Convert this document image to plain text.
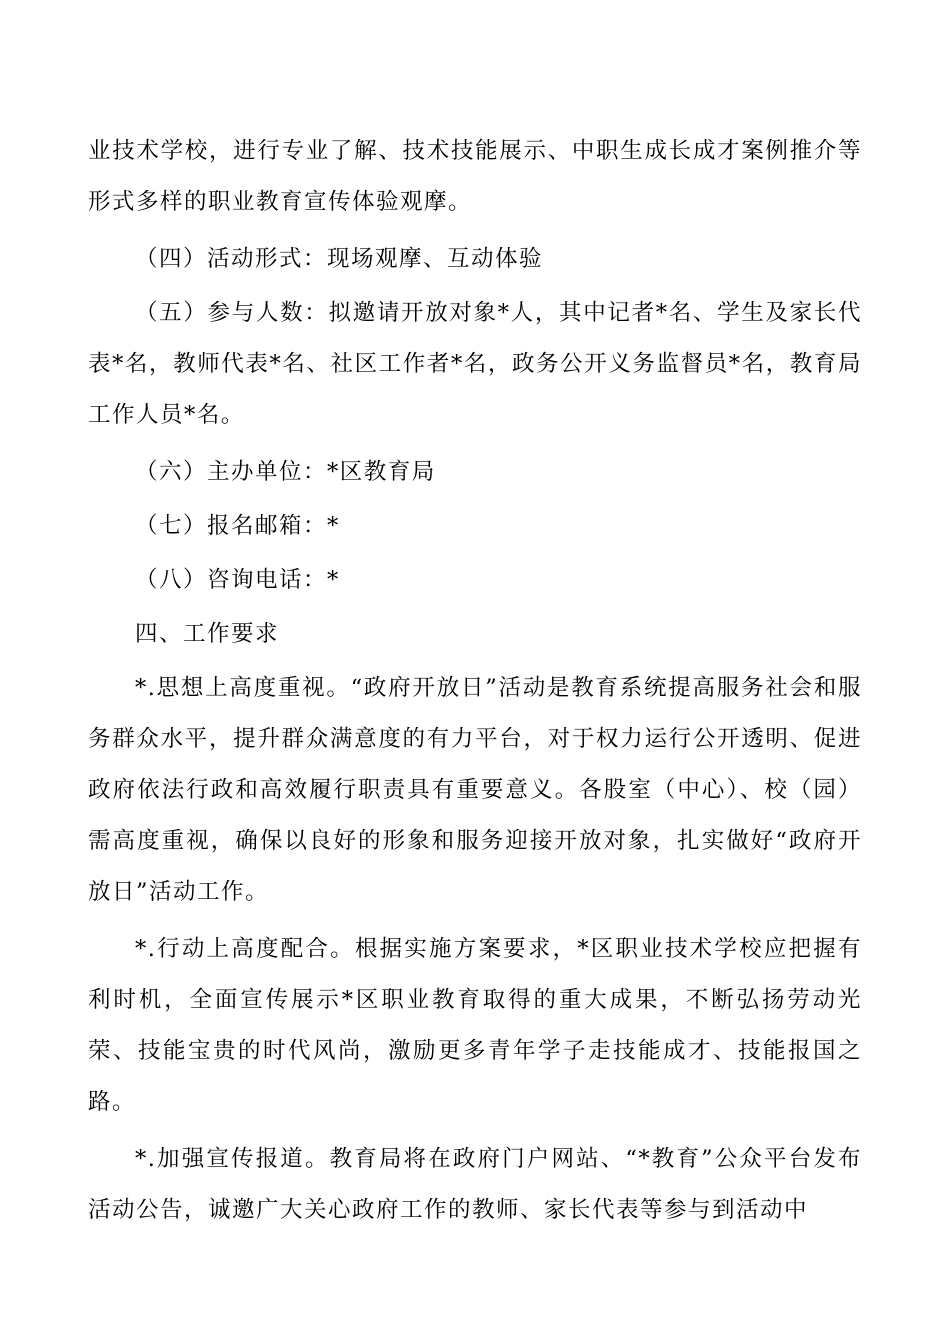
业技术学校，进行专业了解、技术技能展示、中职生成长成才案例推介等形式多样的职业教育宣传体验观摩。

（四）活动形式：现场观摩、互动体验

（五）参与人数：拟邀请开放对象*人，其中记者*名、学生及家长代表*名，教师代表*名、社区工作者*名，政务公开义务监督员*名，教育局工作人员*名。

（六）主办单位：*区教育局

（七）报名邮箱：*

（八）咨询电话：*

四、工作要求

*.思想上高度重视。“政府开放日”活动是教育系统提高服务社会和服务群众水平，提升群众满意度的有力平台，对于权力运行公开透明、促进政府依法行政和高效履行职责具有重要意义。各股室（中心）、校（园）需高度重视，确保以良好的形象和服务迎接开放对象，扎实做好“政府开放日”活动工作。

*.行动上高度配合。根据实施方案要求，*区职业技术学校应把握有利时机，全面宣传展示*区职业教育取得的重大成果，不断弘扬劳动光荣、技能宝贵的时代风尚，激励更多青年学子走技能成才、技能报国之路。

*.加强宣传报道。教育局将在政府门户网站、“*教育”公众平台发布活动公告，诚邀广大关心政府工作的教师、家长代表等参与到活动中
